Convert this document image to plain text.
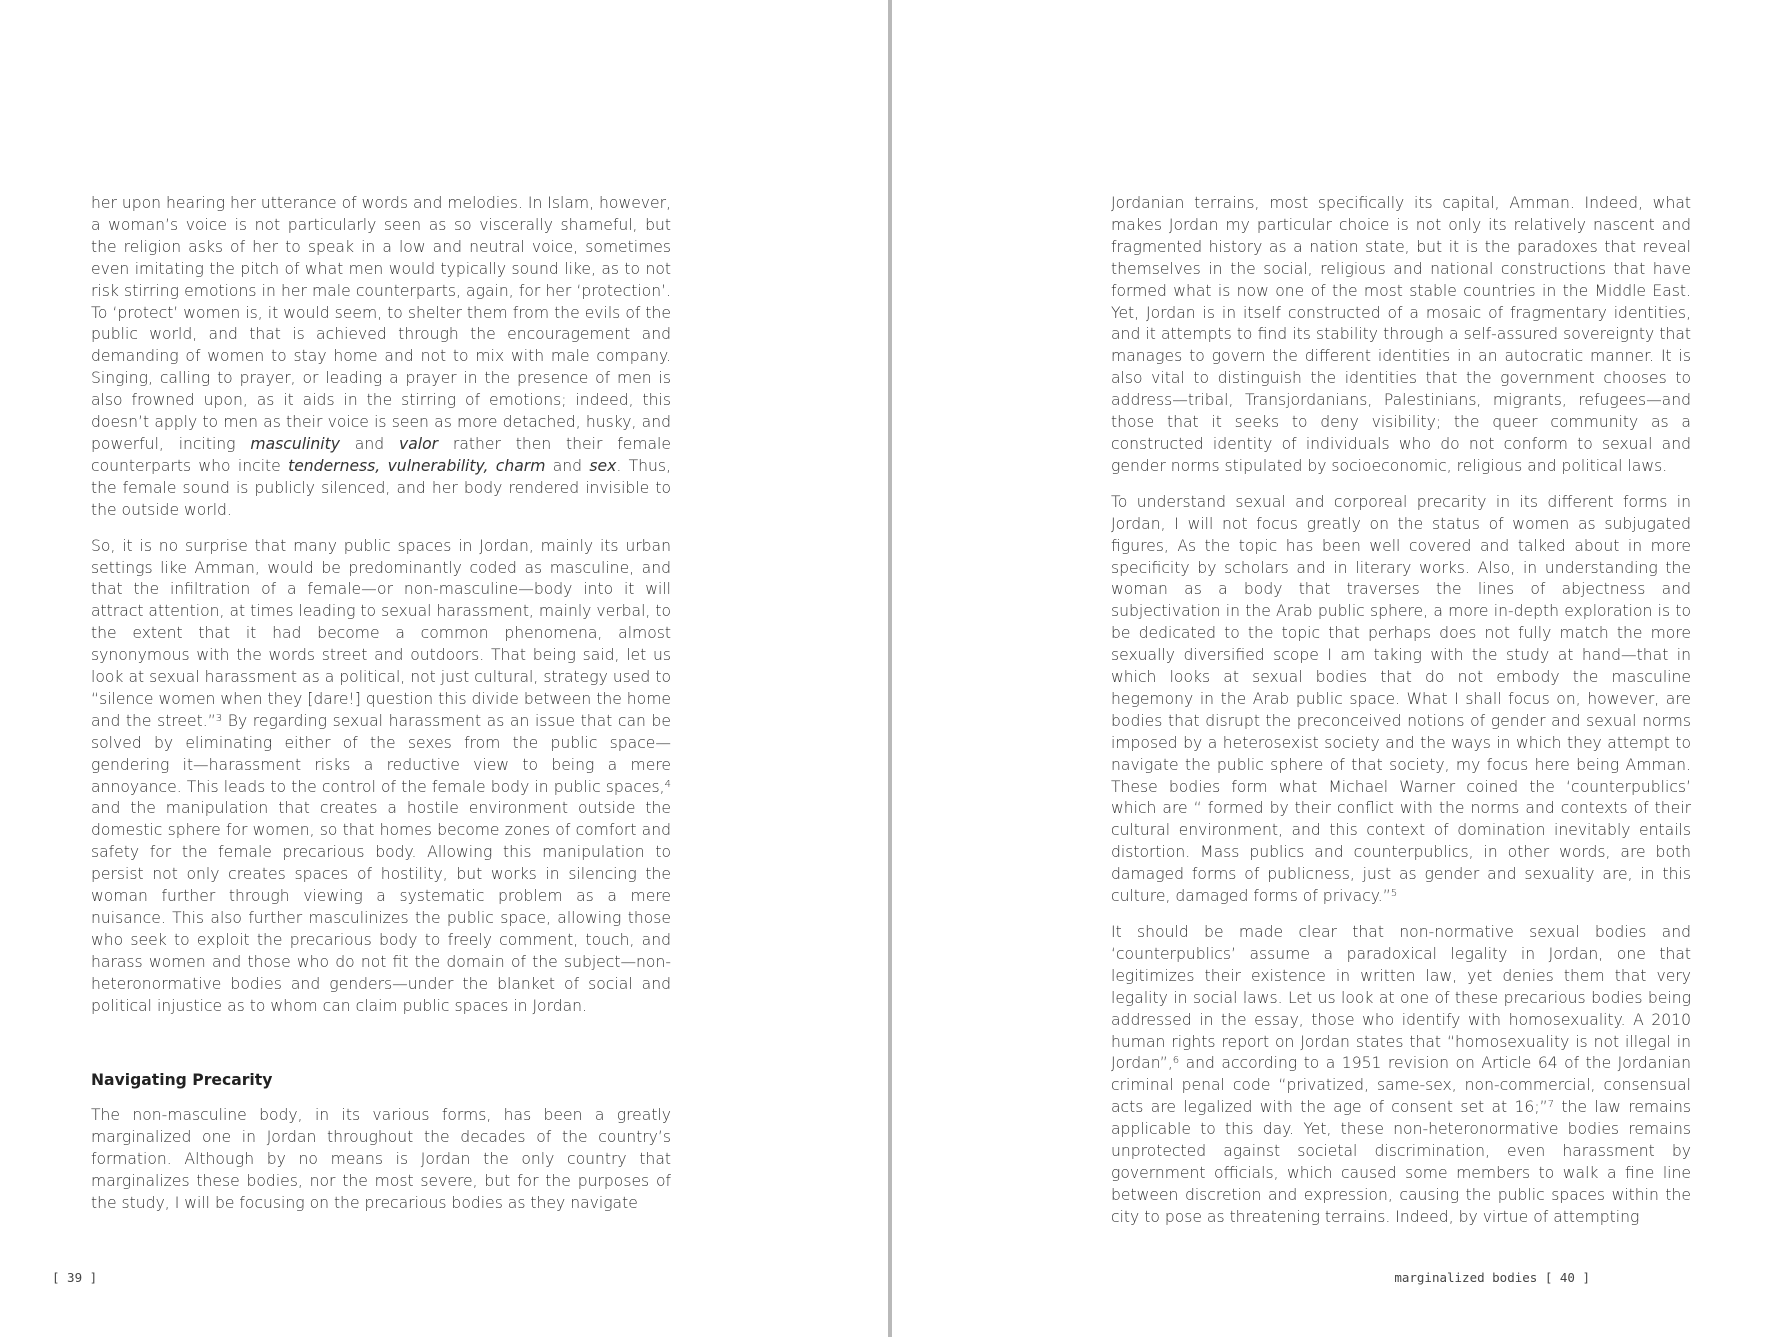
her upon hearing her utterance of words and melodies. In Islam, however, a woman’s voice is not particularly seen as so viscerally shameful, but the religion asks of her to speak in a low and neutral voice, sometimes even imitating the pitch of what men would typically sound like, as to not risk stirring emotions in her male counterparts, again, for her ‘protection’. To ‘protect’ women is, it would seem, to shelter them from the evils of the public world, and that is achieved through the encouragement and demanding of women to stay home and not to mix with male company. Singing, calling to prayer, or leading a prayer in the presence of men is also frowned upon, as it aids in the stirring of emotions; indeed, this doesn’t apply to men as their voice is seen as more detached, husky, and powerful, inciting masculinity and valor rather then their female counterparts who incite tenderness, vulnerability, charm and sex. Thus, the female sound is publicly silenced, and her body rendered invisible to the outside world.

So, it is no surprise that many public spaces in Jordan, mainly its urban settings like Amman, would be predominantly coded as masculine, and that the infiltration of a female—or non-masculine—body into it will attract attention, at times leading to sexual harassment, mainly verbal, to the extent that it had become a common phenomena, almost synonymous with the words street and outdoors. That being said, let us look at sexual harassment as a political, not just cultural, strategy used to “silence women when they [dare!] question this divide between the home and the street.”$^3$ By regarding sexual harassment as an issue that can be solved by eliminating either of the sexes from the public space—gendering it—harassment risks a reductive view to being a mere annoyance. This leads to the control of the female body in public spaces,$^4$ and the manipulation that creates a hostile environment outside the domestic sphere for women, so that homes become zones of comfort and safety for the female precarious body. Allowing this manipulation to persist not only creates spaces of hostility, but works in silencing the woman further through viewing a systematic problem as a mere nuisance. This also further masculinizes the public space, allowing those who seek to exploit the precarious body to freely comment, touch, and harass women and those who do not fit the domain of the subject—non-heteronormative bodies and genders—under the blanket of social and political injustice as to whom can claim public spaces in Jordan.

Navigating Precarity

The non-masculine body, in its various forms, has been a greatly marginalized one in Jordan throughout the decades of the country’s formation. Although by no means is Jordan the only country that marginalizes these bodies, nor the most severe, but for the purposes of the study, I will be focusing on the precarious bodies as they navigate

[ 39 ]

Jordanian terrains, most specifically its capital, Amman. Indeed, what makes Jordan my particular choice is not only its relatively nascent and fragmented history as a nation state, but it is the paradoxes that reveal themselves in the social, religious and national constructions that have formed what is now one of the most stable countries in the Middle East. Yet, Jordan is in itself constructed of a mosaic of fragmentary identities, and it attempts to find its stability through a self-assured sovereignty that manages to govern the different identities in an autocratic manner. It is also vital to distinguish the identities that the government chooses to address—tribal, Transjordanians, Palestinians, migrants, refugees—and those that it seeks to deny visibility; the queer community as a constructed identity of individuals who do not conform to sexual and gender norms stipulated by socioeconomic, religious and political laws.

To understand sexual and corporeal precarity in its different forms in Jordan, I will not focus greatly on the status of women as subjugated figures, As the topic has been well covered and talked about in more specificity by scholars and in literary works. Also, in understanding the woman as a body that traverses the lines of abjectness and subjectivation in the Arab public sphere, a more in-depth exploration is to be dedicated to the topic that perhaps does not fully match the more sexually diversified scope I am taking with the study at hand—that in which looks at sexual bodies that do not embody the masculine hegemony in the Arab public space. What I shall focus on, however, are bodies that disrupt the preconceived notions of gender and sexual norms imposed by a heterosexist society and the ways in which they attempt to navigate the public sphere of that society, my focus here being Amman. These bodies form what Michael Warner coined the ‘counterpublics’ which are “ formed by their conflict with the norms and contexts of their cultural environment, and this context of domination inevitably entails distortion. Mass publics and counterpublics, in other words, are both damaged forms of publicness, just as gender and sexuality are, in this culture, damaged forms of privacy.”$^5$

It should be made clear that non-normative sexual bodies and ‘counterpublics’ assume a paradoxical legality in Jordan, one that legitimizes their existence in written law, yet denies them that very legality in social laws. Let us look at one of these precarious bodies being addressed in the essay, those who identify with homosexuality. A 2010 human rights report on Jordan states that “homosexuality is not illegal in Jordan”,$^6$ and according to a 1951 revision on Article 64 of the Jordanian criminal penal code “privatized, same-sex, non-commercial, consensual acts are legalized with the age of consent set at 16;”$^7$ the law remains applicable to this day. Yet, these non-heteronormative bodies remains unprotected against societal discrimination, even harassment by government officials, which caused some members to walk a fine line between discretion and expression, causing the public spaces within the city to pose as threatening terrains. Indeed, by virtue of attempting

marginalized bodies [ 40 ]
